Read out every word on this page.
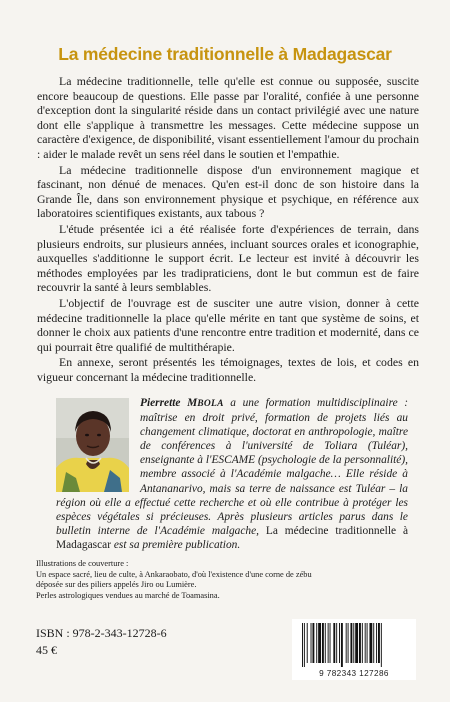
La médecine traditionnelle à Madagascar

La médecine traditionnelle, telle qu'elle est connue ou supposée, suscite encore beaucoup de questions. Elle passe par l'oralité, confiée à une personne d'exception dont la singularité réside dans un contact privilégié avec une nature dont elle s'applique à transmettre les messages. Cette médecine suppose un caractère d'exigence, de disponibilité, visant essentiellement l'amour du prochain : aider le malade revêt un sens réel dans le soutien et l'empathie.

La médecine traditionnelle dispose d'un environnement magique et fascinant, non dénué de menaces. Qu'en est-il donc de son histoire dans la Grande Île, dans son environnement physique et psychique, en référence aux laboratoires scientifiques existants, aux tabous ?

L'étude présentée ici a été réalisée forte d'expériences de terrain, dans plusieurs endroits, sur plusieurs années, incluant sources orales et iconographie, auxquelles s'additionne le support écrit. Le lecteur est invité à découvrir les méthodes employées par les tradipraticiens, dont le but commun est de faire recouvrir la santé à leurs semblables.

L'objectif de l'ouvrage est de susciter une autre vision, donner à cette médecine traditionnelle la place qu'elle mérite en tant que système de soins, et donner le choix aux patients d'une rencontre entre tradition et modernité, dans ce qui pourrait être qualifié de multithérapie.

En annexe, seront présentés les témoignages, textes de lois, et codes en vigueur concernant la médecine traditionnelle.

Pierrette MBOLA a une formation multidisciplinaire : maîtrise en droit privé, formation de projets liés au changement climatique, doctorat en anthropologie, maître de conférences à l'université de Toliara (Tuléar), enseignante à l'ESCAME (psychologie de la personnalité), membre associé à l'Académie malgache… Elle réside à Antananarivo, mais sa terre de naissance est Tuléar – la région où elle a effectué cette recherche et où elle contribue à protéger les espèces végétales si précieuses. Après plusieurs articles parus dans le bulletin interne de l'Académie malgache, La médecine traditionnelle à Madagascar est sa première publication.
Illustrations de couverture :
Un espace sacré, lieu de culte, à Ankaraobato, d'où l'existence d'une corne de zébu déposée sur des piliers appelés Jiro ou Lumière.
Perles astrologiques vendues au marché de Toamasina.
ISBN : 978-2-343-12728-6
45 €
9 782343 127286
